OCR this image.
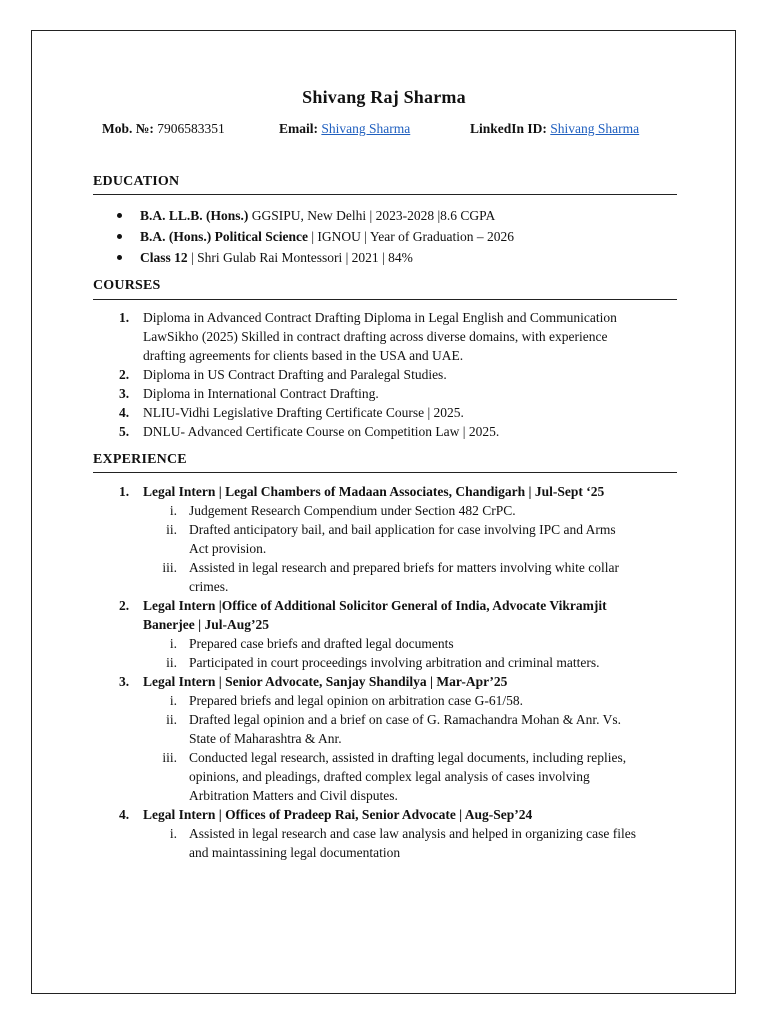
Shivang Raj Sharma
Mob. №: 7906583351	Email: Shivang Sharma	LinkedIn ID: Shivang Sharma
EDUCATION
B.A. LL.B. (Hons.) GGSIPU, New Delhi | 2023-2028 |8.6 CGPA
B.A. (Hons.) Political Science | IGNOU | Year of Graduation – 2026
Class 12 | Shri Gulab Rai Montessori | 2021 | 84%
COURSES
1. Diploma in Advanced Contract Drafting Diploma in Legal English and Communication
LawSikho (2025) Skilled in contract drafting across diverse domains, with experience
drafting agreements for clients based in the USA and UAE.
2. Diploma in US Contract Drafting and Paralegal Studies.
3. Diploma in International Contract Drafting.
4. NLIU-Vidhi Legislative Drafting Certificate Course | 2025.
5. DNLU- Advanced Certificate Course on Competition Law | 2025.
EXPERIENCE
1. Legal Intern | Legal Chambers of Madaan Associates, Chandigarh | Jul-Sept ‘25
i. Judgement Research Compendium under Section 482 CrPC.
ii. Drafted anticipatory bail, and bail application for case involving IPC and Arms
Act provision.
iii. Assisted in legal research and prepared briefs for matters involving white collar
crimes.
2. Legal Intern |Office of Additional Solicitor General of India, Advocate Vikramjit
Banerjee | Jul-Aug’25
i. Prepared case briefs and drafted legal documents
ii. Participated in court proceedings involving arbitration and criminal matters.
3. Legal Intern | Senior Advocate, Sanjay Shandilya | Mar-Apr’25
i. Prepared briefs and legal opinion on arbitration case G-61/58.
ii. Drafted legal opinion and a brief on case of G. Ramachandra Mohan & Anr. Vs.
State of Maharashtra & Anr.
iii. Conducted legal research, assisted in drafting legal documents, including replies,
opinions, and pleadings, drafted complex legal analysis of cases involving
Arbitration Matters and Civil disputes.
4. Legal Intern | Offices of Pradeep Rai, Senior Advocate | Aug-Sep’24
i. Assisted in legal research and case law analysis and helped in organizing case files
and maintassining legal documentation
